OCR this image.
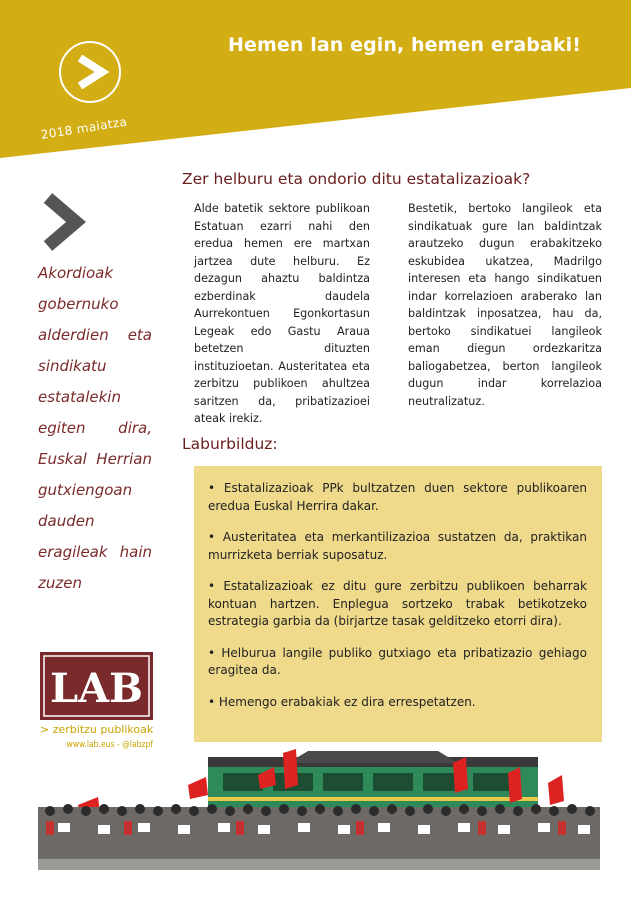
Hemen lan egin, hemen erabaki!
2018 maiatza
Akordioak gobernuko alderdien eta sindikatu estatalekin egiten dira, Euskal Herrian gutxiengoan dauden eragileak hain zuzen
LAB
> zerbitzu publikoak
www.lab.eus - @labzpf
Zer helburu eta ondorio ditu estatalizazioak?
Alde batetik sektore publikoan Estatuan ezarri nahi den eredua hemen ere martxan jartzea dute helburu. Ez dezagun ahaztu baldintza ezberdinak daudela Aurrekontuen Egonkortasun Legeak edo Gastu Araua betetzen dituzten instituzioetan. Austeritatea eta zerbitzu publikoen ahultzea saritzen da, pribatizazioei ateak irekiz.
Bestetik, bertoko langileok eta sindikatuak gure lan baldintzak arautzeko dugun erabakitzeko eskubidea ukatzea, Madrilgo interesen eta hango sindikatuen indar korrelazioen araberako lan baldintzak inposatzea, hau da, bertoko sindikatuei langileok eman diegun ordezkaritza baliogabetzea, berton langileok dugun indar korrelazioa neutralizatuz.
Laburbilduz:
• Estatalizazioak PPk bultzatzen duen sektore publikoaren eredua Euskal Herrira dakar.
• Austeritatea eta merkantilizazioa sustatzen da, praktikan murrizketa berriak suposatuz.
• Estatalizazioak ez ditu gure zerbitzu publikoen beharrak kontuan hartzen. Enplegua sortzeko trabak betikotzeko estrategia garbia da (birjartze tasak gelditzeko etorri dira).
• Helburua langile publiko gutxiago eta pribatizazio gehiago eragitea da.
• Hemengo erabakiak ez dira errespetatzen.
